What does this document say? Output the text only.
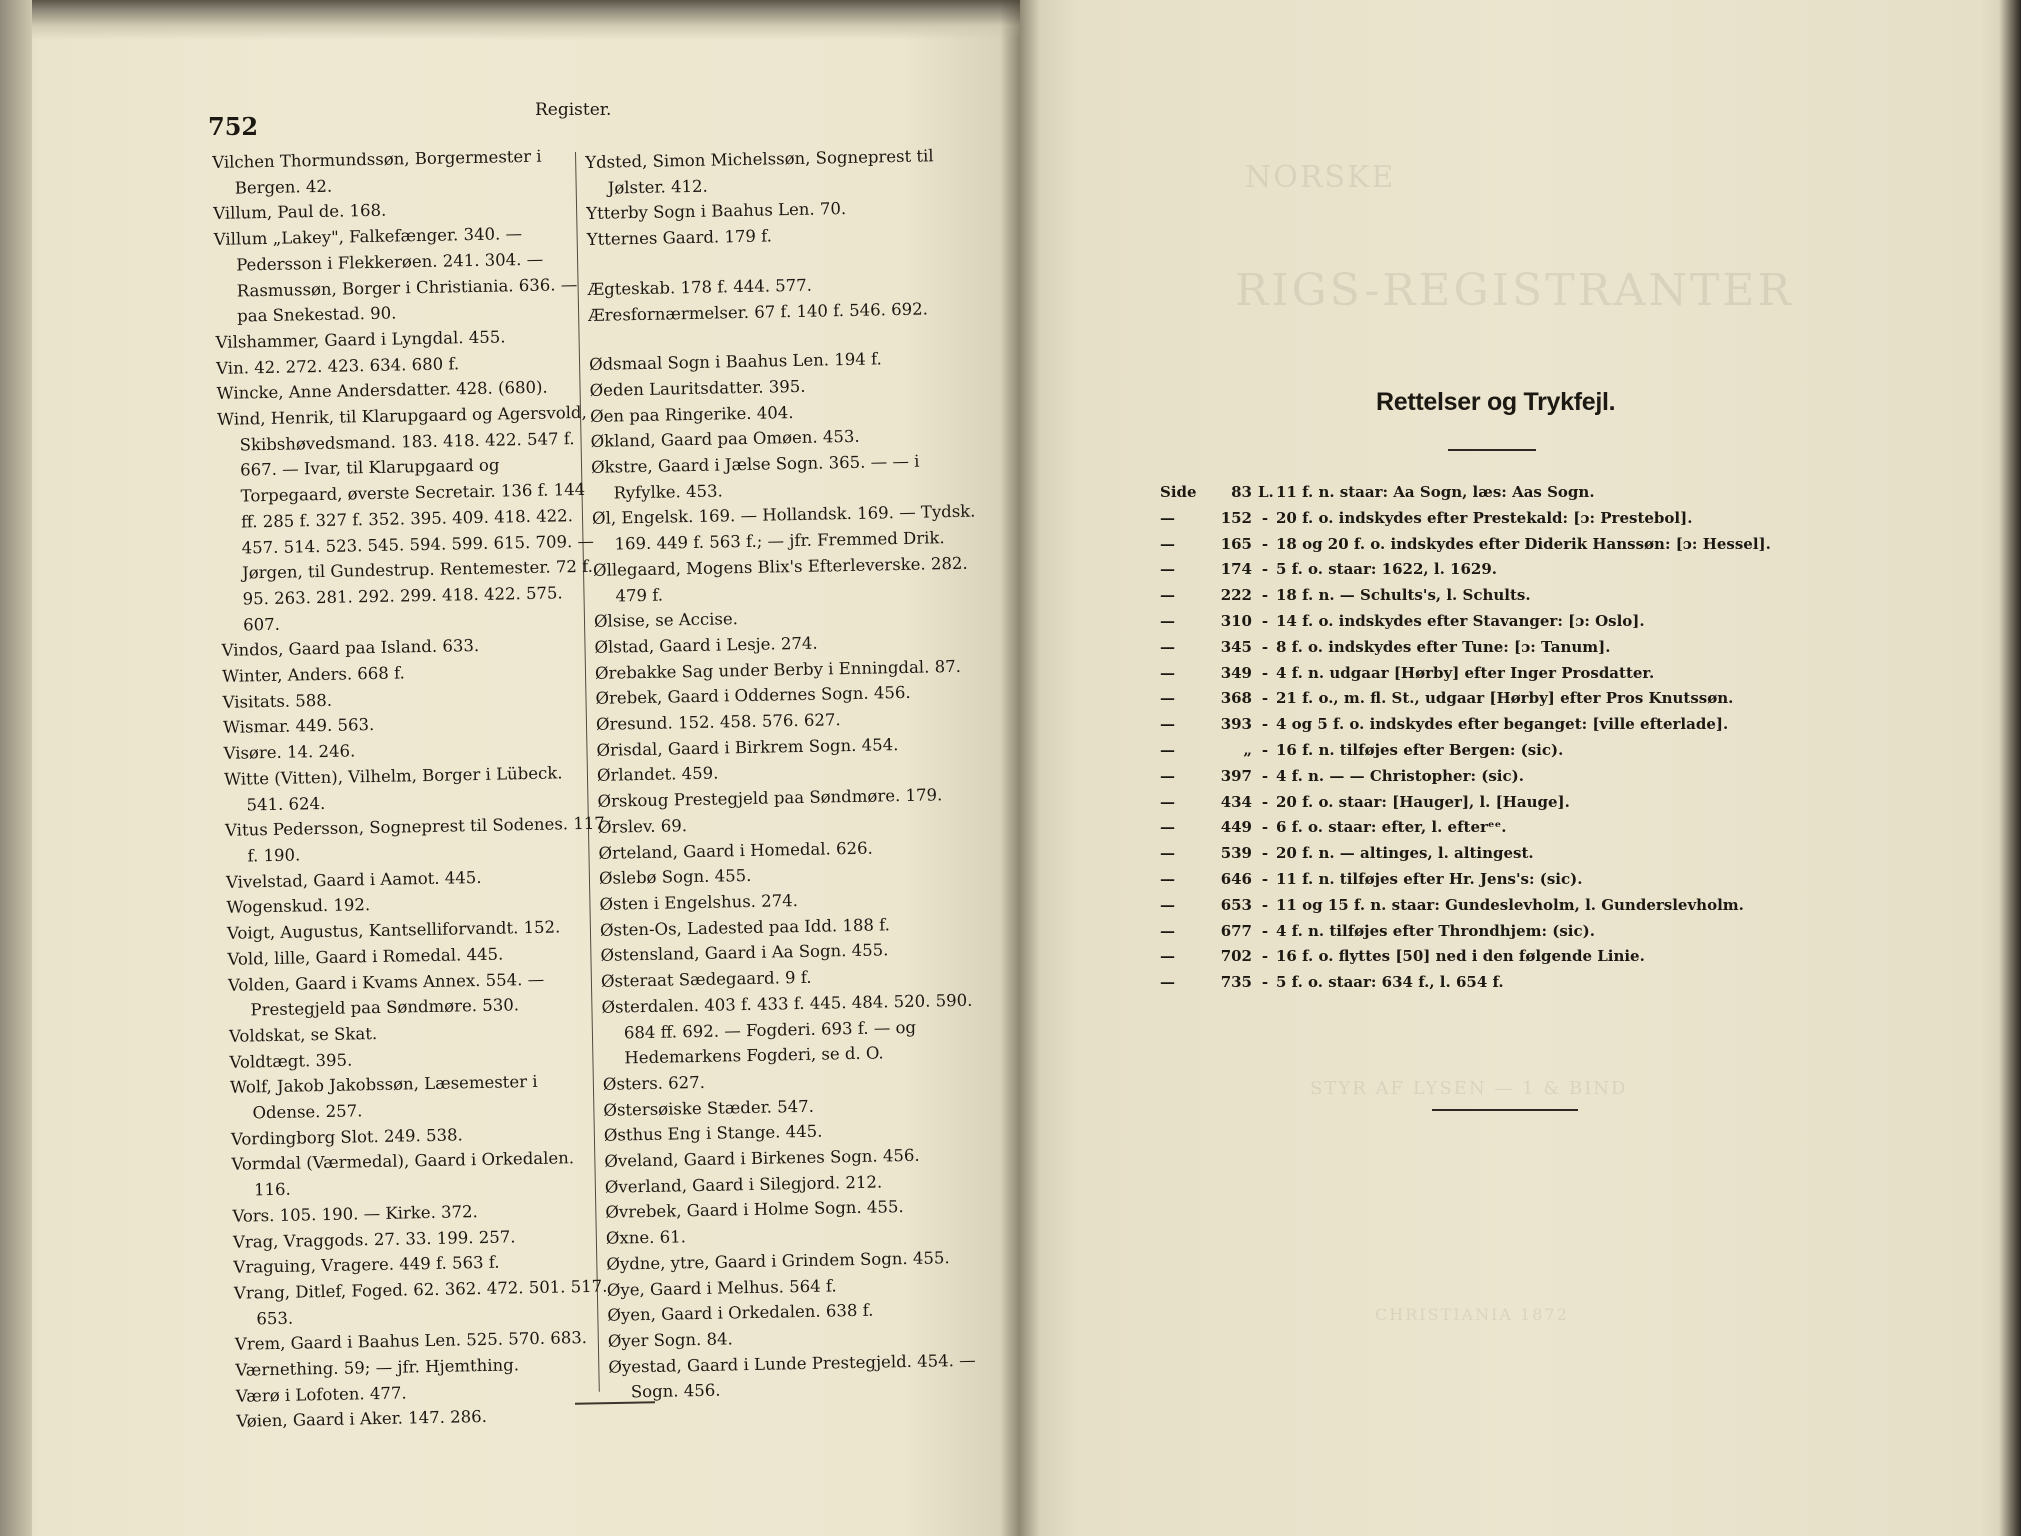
752
Register.
Vilchen Thormundssøn, Borgermester i Bergen. 42.
Villum, Paul de. 168.
Villum „Lakey", Falkefænger. 340. — Pedersson i Flekkerøen. 241. 304. — Rasmussøn, Borger i Christiania. 636. — paa Snekestad. 90.
Vilshammer, Gaard i Lyngdal. 455.
Vin. 42. 272. 423. 634. 680 f.
Wincke, Anne Andersdatter. 428. (680).
Wind, Henrik, til Klarupgaard og Agersvold, Skibshøvedsmand. 183. 418. 422. 547 f. 667. — Ivar, til Klarupgaard og Torpegaard, øverste Secretair. 136 f. 144 ff. 285 f. 327 f. 352. 395. 409. 418. 422. 457. 514. 523. 545. 594. 599. 615. 709. — Jørgen, til Gundestrup. Rentemester. 72 f. 95. 263. 281. 292. 299. 418. 422. 575. 607.
Vindos, Gaard paa Island. 633.
Winter, Anders. 668 f.
Visitats. 588.
Wismar. 449. 563.
Visøre. 14. 246.
Witte (Vitten), Vilhelm, Borger i Lübeck. 541. 624.
Vitus Pedersson, Sogneprest til Sodenes. 117 f. 190.
Vivelstad, Gaard i Aamot. 445.
Wogenskud. 192.
Voigt, Augustus, Kantselliforvandt. 152.
Vold, lille, Gaard i Romedal. 445.
Volden, Gaard i Kvams Annex. 554. — Prestegjeld paa Søndmøre. 530.
Voldskat, se Skat.
Voldtægt. 395.
Wolf, Jakob Jakobssøn, Læsemester i Odense. 257.
Vordingborg Slot. 249. 538.
Vormdal (Værmedal), Gaard i Orkedalen. 116.
Vors. 105. 190. — Kirke. 372.
Vrag, Vraggods. 27. 33. 199. 257.
Vraguing, Vragere. 449 f. 563 f.
Vrang, Ditlef, Foged. 62. 362. 472. 501. 517. 653.
Vrem, Gaard i Baahus Len. 525. 570. 683.
Værnething. 59; — jfr. Hjemthing.
Værø i Lofoten. 477.
Vøien, Gaard i Aker. 147. 286.
Ydsted, Simon Michelssøn, Sogneprest til Jølster. 412.
Ytterby Sogn i Baahus Len. 70.
Ytternes Gaard. 179 f.
Ægteskab. 178 f. 444. 577.
Æresfornærmelser. 67 f. 140 f. 546. 692.
Ødsmaal Sogn i Baahus Len. 194 f.
Øeden Lauritsdatter. 395.
Øen paa Ringerike. 404.
Økland, Gaard paa Omøen. 453.
Økstre, Gaard i Jælse Sogn. 365. — — i Ryfylke. 453.
Øl, Engelsk. 169. — Hollandsk. 169. — Tydsk. 169. 449 f. 563 f.; — jfr. Fremmed Drik.
Øllegaard, Mogens Blix's Efterleverske. 282. 479 f.
Ølsise, se Accise.
Ølstad, Gaard i Lesje. 274.
Ørebakke Sag under Berby i Enningdal. 87.
Ørebek, Gaard i Oddernes Sogn. 456.
Øresund. 152. 458. 576. 627.
Ørisdal, Gaard i Birkrem Sogn. 454.
Ørlandet. 459.
Ørskoug Prestegjeld paa Søndmøre. 179.
Ørslev. 69.
Ørteland, Gaard i Homedal. 626.
Øslebø Sogn. 455.
Østen i Engelshus. 274.
Østen-Os, Ladested paa Idd. 188 f.
Østensland, Gaard i Aa Sogn. 455.
Østeraat Sædegaard. 9 f.
Østerdalen. 403 f. 433 f. 445. 484. 520. 590. 684 ff. 692. — Fogderi. 693 f. — og Hedemarkens Fogderi, se d. O.
Østers. 627.
Østersøiske Stæder. 547.
Østhus Eng i Stange. 445.
Øveland, Gaard i Birkenes Sogn. 456.
Øverland, Gaard i Silegjord. 212.
Øvrebek, Gaard i Holme Sogn. 455.
Øxne. 61.
Øydne, ytre, Gaard i Grindem Sogn. 455.
Øye, Gaard i Melhus. 564 f.
Øyen, Gaard i Orkedalen. 638 f.
Øyer Sogn. 84.
Øyestad, Gaard i Lunde Prestegjeld. 454. — Sogn. 456.
NORSKE
RIGS-REGISTRANTER
STYR AF LYSEN — 1 & BIND
CHRISTIANIA 1872
Rettelser og Trykfejl.
Side	83 L. 11 f. n. staar: Aa Sogn, læs: Aas Sogn.
—	152 - 20 f. o. indskydes efter Prestekald: [ɔ: Prestebol].
—	165 - 18 og 20 f. o. indskydes efter Diderik Hanssøn: [ɔ: Hessel].
—	174 - 5 f. o. staar: 1622, l. 1629.
—	222 - 18 f. n. — Schults's, l. Schults.
—	310 - 14 f. o. indskydes efter Stavanger: [ɔ: Oslo].
—	345 - 8 f. o. indskydes efter Tune: [ɔ: Tanum].
—	349 - 4 f. n. udgaar [Hørby] efter Inger Prosdatter.
—	368 - 21 f. o., m. fl. St., udgaar [Hørby] efter Pros Knutssøn.
—	393 - 4 og 5 f. o. indskydes efter beganget: [ville efterlade].
—	„ - 16 f. n. tilføjes efter Bergen: (sic).
—	397 - 4 f. n. — — Christopher: (sic).
—	434 - 20 f. o. staar: [Hauger], l. [Hauge].
—	449 - 6 f. o. staar: efter, l. efterᵉᵉ.
—	539 - 20 f. n. — altinges, l. altingest.
—	646 - 11 f. n. tilføjes efter Hr. Jens's: (sic).
—	653 - 11 og 15 f. n. staar: Gundeslevholm, l. Gunderslevholm.
—	677 - 4 f. n. tilføjes efter Throndhjem: (sic).
—	702 - 16 f. o. flyttes [50] ned i den følgende Linie.
—	735 - 5 f. o. staar: 634 f., l. 654 f.
